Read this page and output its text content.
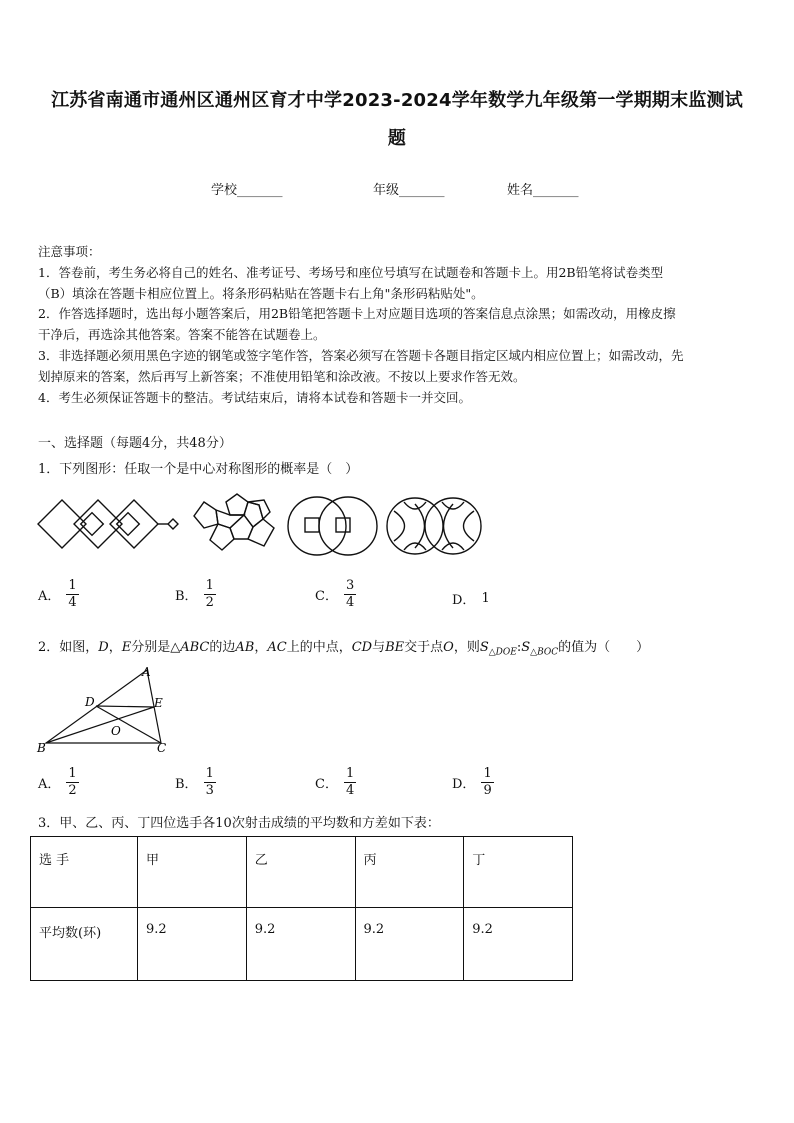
江苏省南通市通州区通州区育才中学2023-2024学年数学九年级第一学期期末监测试
题
学校_______	年级_______	姓名_______
注意事项：
1．答卷前，考生务必将自己的姓名、准考证号、考场号和座位号填写在试题卷和答题卡上。用2B铅笔将试卷类型
（B）填涂在答题卡相应位置上。将条形码粘贴在答题卡右上角"条形码粘贴处"。
2．作答选择题时，选出每小题答案后，用2B铅笔把答题卡上对应题目选项的答案信息点涂黑；如需改动，用橡皮擦
干净后，再选涂其他答案。答案不能答在试题卷上。
3．非选择题必须用黑色字迹的钢笔或签字笔作答，答案必须写在答题卡各题目指定区域内相应位置上；如需改动，先
划掉原来的答案，然后再写上新答案；不准使用铅笔和涂改液。不按以上要求作答无效。
4．考生必须保证答题卡的整洁。考试结束后，请将本试卷和答题卡一并交回。
一、选择题（每题4分，共48分）
1．下列图形：任取一个是中心对称图形的概率是（　）
A． $\frac{1}{4}$	B． $\frac{1}{2}$	C． $\frac{3}{4}$	D． 1
2．如图，D，E分别是△ABC的边AB，AC上的中点，CD与BE交于点O，则$S_{\triangle DOE}:S_{\triangle BOC}$的值为（　　）
A
B	C
D	E
O
A． $\frac{1}{2}$	B． $\frac{1}{3}$	C． $\frac{1}{4}$	D． $\frac{1}{9}$
3．甲、乙、丙、丁四位选手各10次射击成绩的平均数和方差如下表：
选 手	甲	乙	丙	丁
平均数(环)	9.2	9.2	9.2	9.2
